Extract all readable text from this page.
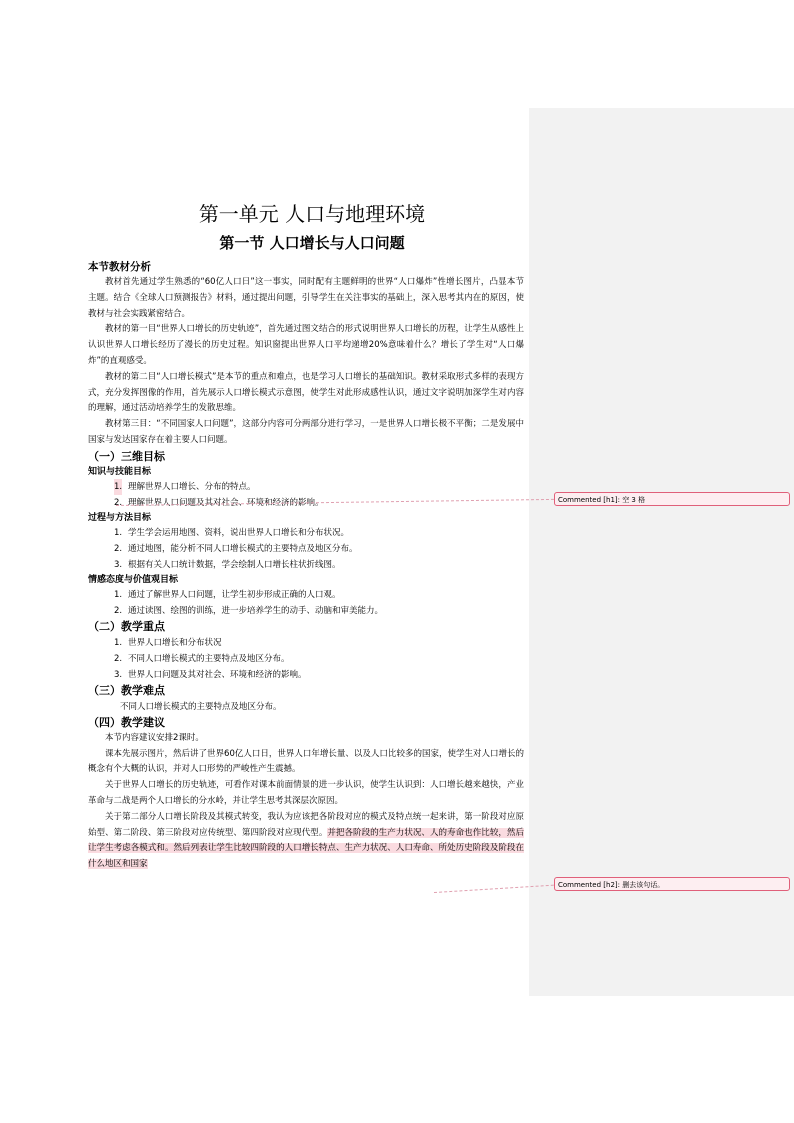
第一单元 人口与地理环境
第一节 人口增长与人口问题
本节教材分析

教材首先通过学生熟悉的“60亿人口日”这一事实，同时配有主题鲜明的世界“人口爆炸”性增长图片，凸显本节主题。结合《全球人口预测报告》材料，通过提出问题，引导学生在关注事实的基础上，深入思考其内在的原因，使教材与社会实践紧密结合。

教材的第一目“世界人口增长的历史轨迹”，首先通过图文结合的形式说明世界人口增长的历程，让学生从感性上认识世界人口增长经历了漫长的历史过程。知识窗提出世界人口平均递增20%意味着什么？增长了学生对“人口爆炸”的直观感受。

教材的第二目“人口增长模式”是本节的重点和难点，也是学习人口增长的基础知识。教材采取形式多样的表现方式，充分发挥图像的作用，首先展示人口增长模式示意图，使学生对此形成感性认识，通过文字说明加深学生对内容的理解，通过活动培养学生的发散思维。

教材第三目：“不同国家人口问题”，这部分内容可分两部分进行学习，一是世界人口增长极不平衡；二是发展中国家与发达国家存在着主要人口问题。

（一）三维目标
知识与技能目标
1. 理解世界人口增长、分布的特点。
2. 理解世界人口问题及其对社会、环境和经济的影响。
过程与方法目标
1. 学生学会运用地图、资料，说出世界人口增长和分布状况。
2. 通过地图，能分析不同人口增长模式的主要特点及地区分布。
3. 根据有关人口统计数据，学会绘制人口增长柱状折线图。
情感态度与价值观目标
1. 通过了解世界人口问题，让学生初步形成正确的人口观。
2. 通过读图、绘图的训练，进一步培养学生的动手、动脑和审美能力。
（二）教学重点
1. 世界人口增长和分布状况
2. 不同人口增长模式的主要特点及地区分布。
3. 世界人口问题及其对社会、环境和经济的影响。
（三）教学难点
不同人口增长模式的主要特点及地区分布。
（四）教学建议

本节内容建议安排2课时。

课本先展示图片，然后讲了世界60亿人口日，世界人口年增长量、以及人口比较多的国家，使学生对人口增长的概念有个大概的认识，并对人口形势的严峻性产生震撼。

关于世界人口增长的历史轨迹，可看作对课本前面情景的进一步认识，使学生认识到：人口增长越来越快，产业革命与二战是两个人口增长的分水岭，并让学生思考其深层次原因。

关于第二部分人口增长阶段及其模式转变，我认为应该把各阶段对应的模式及特点统一起来讲，第一阶段对应原始型、第二阶段、第三阶段对应传统型、第四阶段对应现代型。并把各阶段的生产力状况、人的寿命也作比较，然后让学生考虑各模式和。然后列表让学生比较四阶段的人口增长特点、生产力状况、人口寿命、所处历史阶段及阶段在什么地区和国家

Commented [h1]: 空 3 格
Commented [h2]: 删去该句话。
